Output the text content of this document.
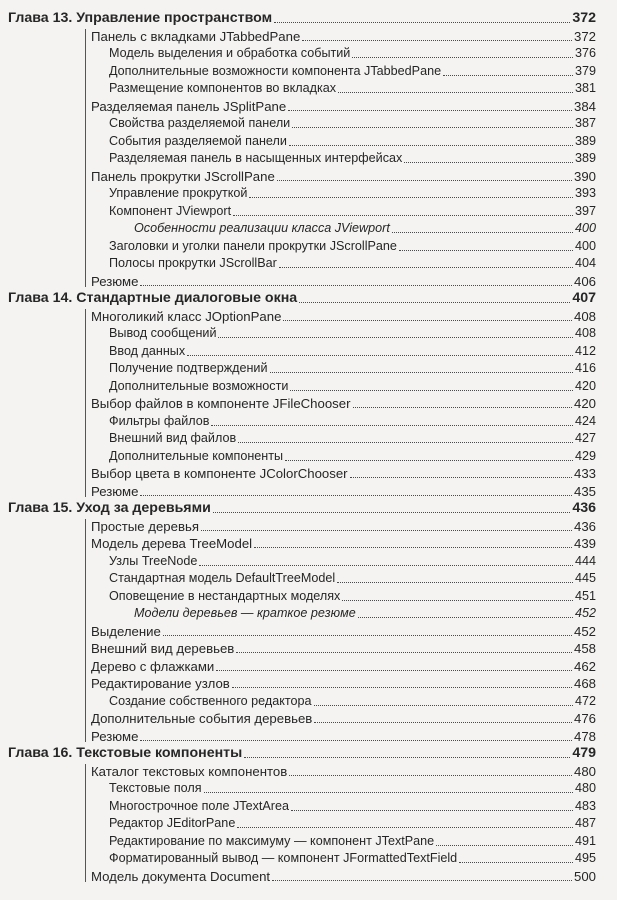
Глава 13. Управление пространством	372
Панель с вкладками JTabbedPane	372
Модель выделения и обработка событий	376
Дополнительные возможности компонента JTabbedPane	379
Размещение компонентов во вкладках	381
Разделяемая панель JSplitPane	384
Свойства разделяемой панели	387
События разделяемой панели	389
Разделяемая панель в насыщенных интерфейсах	389
Панель прокрутки JScrollPane	390
Управление прокруткой	393
Компонент JViewport	397
Особенности реализации класса JViewport	400
Заголовки и уголки панели прокрутки JScrollPane	400
Полосы прокрутки JScrollBar	404
Резюме	406
Глава 14. Стандартные диалоговые окна	407
Многоликий класс JOptionPane	408
Вывод сообщений	408
Ввод данных	412
Получение подтверждений	416
Дополнительные возможности	420
Выбор файлов в компоненте JFileChooser	420
Фильтры файлов	424
Внешний вид файлов	427
Дополнительные компоненты	429
Выбор цвета в компоненте JColorChooser	433
Резюме	435
Глава 15. Уход за деревьями	436
Простые деревья	436
Модель дерева TreeModel	439
Узлы TreeNode	444
Стандартная модель DefaultTreeModel	445
Оповещение в нестандартных моделях	451
Модели деревьев — краткое резюме	452
Выделение	452
Внешний вид деревьев	458
Дерево с флажками	462
Редактирование узлов	468
Создание собственного редактора	472
Дополнительные события деревьев	476
Резюме	478
Глава 16. Текстовые компоненты	479
Каталог текстовых компонентов	480
Текстовые поля	480
Многострочное поле JTextArea	483
Редактор JEditorPane	487
Редактирование по максимуму — компонент JTextPane	491
Форматированный вывод — компонент JFormattedTextField	495
Модель документа Document	500
